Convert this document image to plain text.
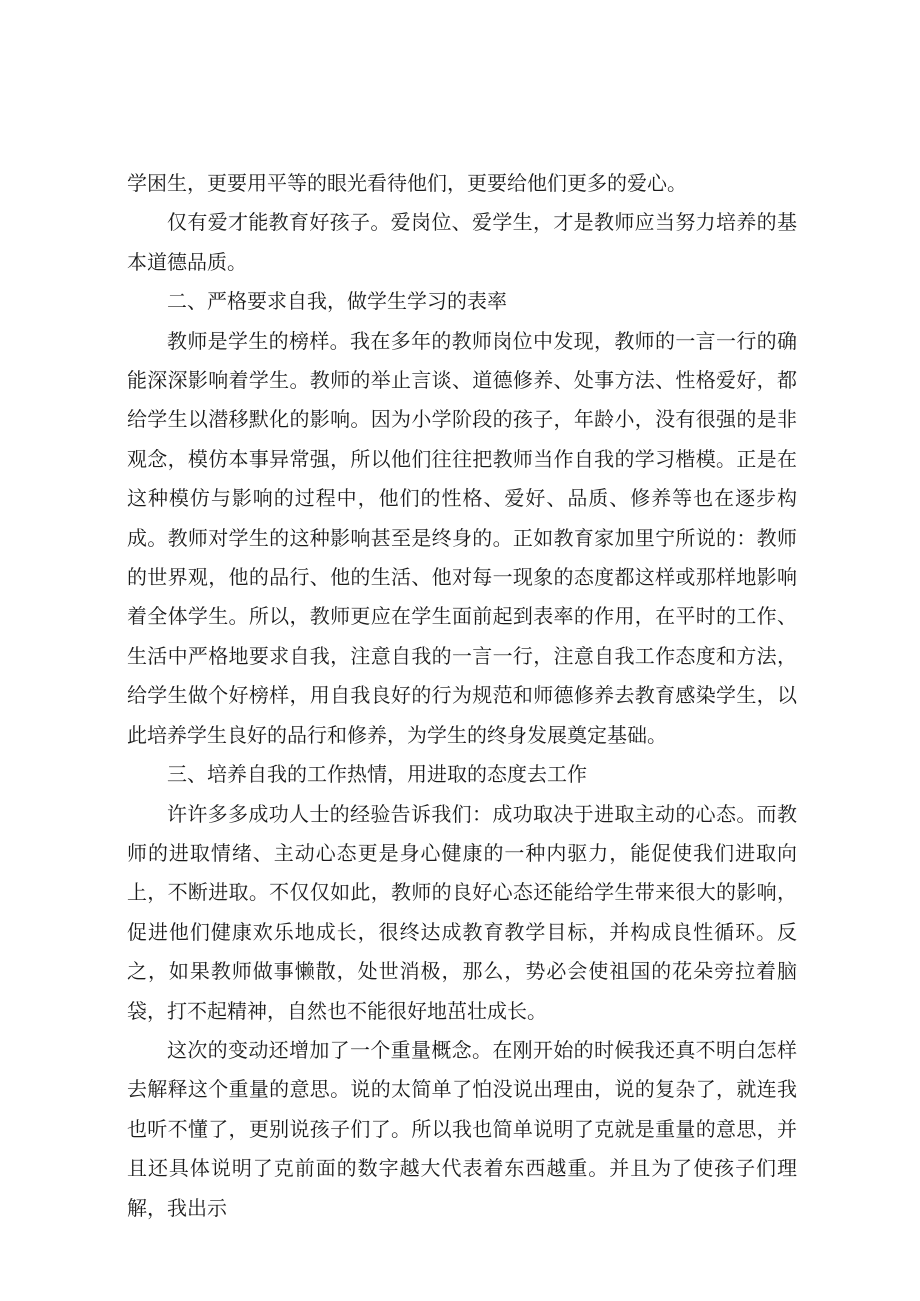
学困生，更要用平等的眼光看待他们，更要给他们更多的爱心。

仅有爱才能教育好孩子。爱岗位、爱学生，才是教师应当努力培养的基本道德品质。

二、严格要求自我，做学生学习的表率

教师是学生的榜样。我在多年的教师岗位中发现，教师的一言一行的确能深深影响着学生。教师的举止言谈、道德修养、处事方法、性格爱好，都给学生以潜移默化的影响。因为小学阶段的孩子，年龄小，没有很强的是非观念，模仿本事异常强，所以他们往往把教师当作自我的学习楷模。正是在这种模仿与影响的过程中，他们的性格、爱好、品质、修养等也在逐步构成。教师对学生的这种影响甚至是终身的。正如教育家加里宁所说的：教师的世界观，他的品行、他的生活、他对每一现象的态度都这样或那样地影响着全体学生。所以，教师更应在学生面前起到表率的作用，在平时的工作、生活中严格地要求自我，注意自我的一言一行，注意自我工作态度和方法，给学生做个好榜样，用自我良好的行为规范和师德修养去教育感染学生，以此培养学生良好的品行和修养，为学生的终身发展奠定基础。

三、培养自我的工作热情，用进取的态度去工作

许许多多成功人士的经验告诉我们：成功取决于进取主动的心态。而教师的进取情绪、主动心态更是身心健康的一种内驱力，能促使我们进取向上，不断进取。不仅仅如此，教师的良好心态还能给学生带来很大的影响，促进他们健康欢乐地成长，很终达成教育教学目标，并构成良性循环。反之，如果教师做事懒散，处世消极，那么，势必会使祖国的花朵旁拉着脑袋，打不起精神，自然也不能很好地茁壮成长。

这次的变动还增加了一个重量概念。在刚开始的时候我还真不明白怎样去解释这个重量的意思。说的太简单了怕没说出理由，说的复杂了，就连我也听不懂了，更别说孩子们了。所以我也简单说明了克就是重量的意思，并且还具体说明了克前面的数字越大代表着东西越重。并且为了使孩子们理解，我出示
